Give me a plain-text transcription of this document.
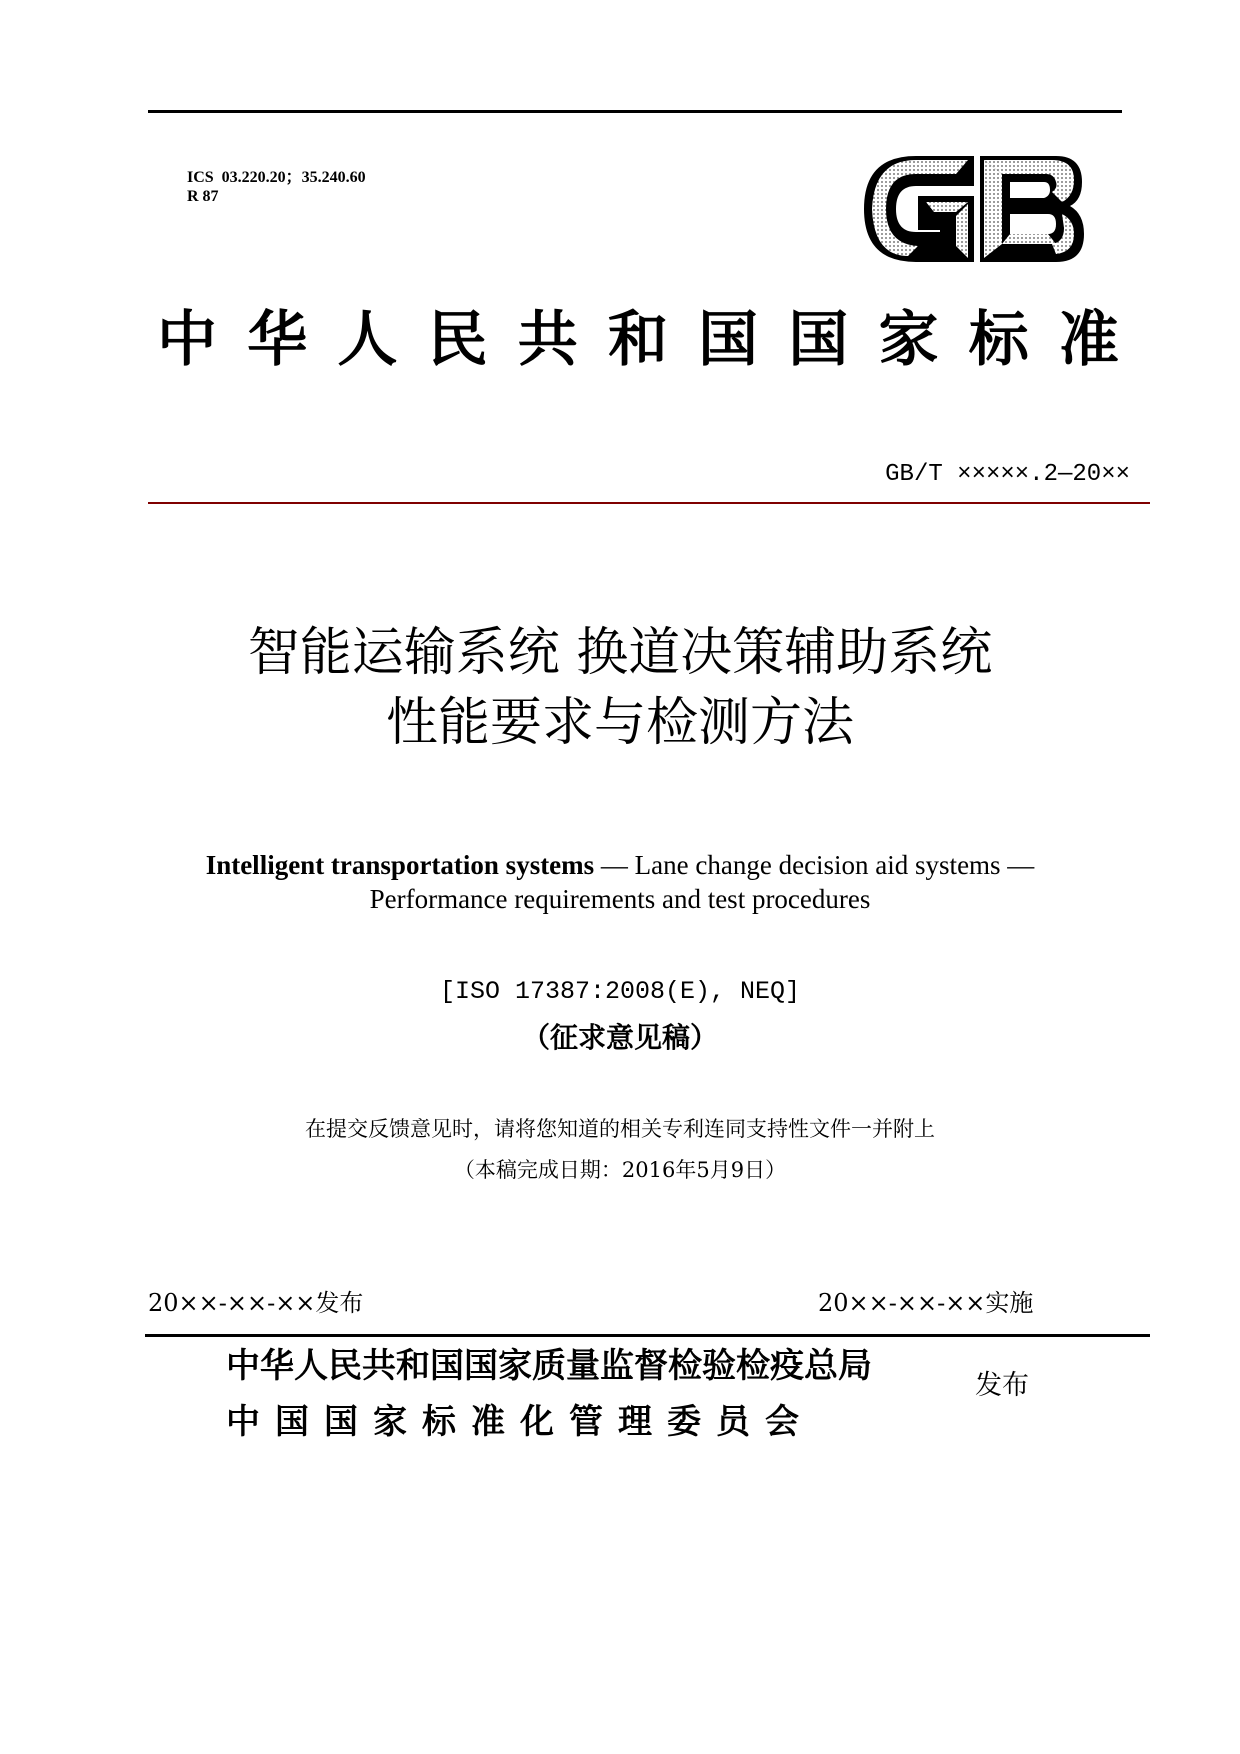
ICS  03.220.20；35.240.60
R 87
中 华 人 民 共 和 国 国 家 标 准
GB/T ×××××.2—20××
智能运输系统 换道决策辅助系统
性能要求与检测方法
Intelligent transportation systems — Lane change decision aid systems —
Performance requirements and test procedures
[ISO 17387:2008(E), NEQ]
（征求意见稿）
在提交反馈意见时，请将您知道的相关专利连同支持性文件一并附上
（本稿完成日期：2016年5月9日）
20××-××-××发布	20××-××-××实施
中华人民共和国国家质量监督检验检疫总局
中国国家标准化管理委员会
发布
